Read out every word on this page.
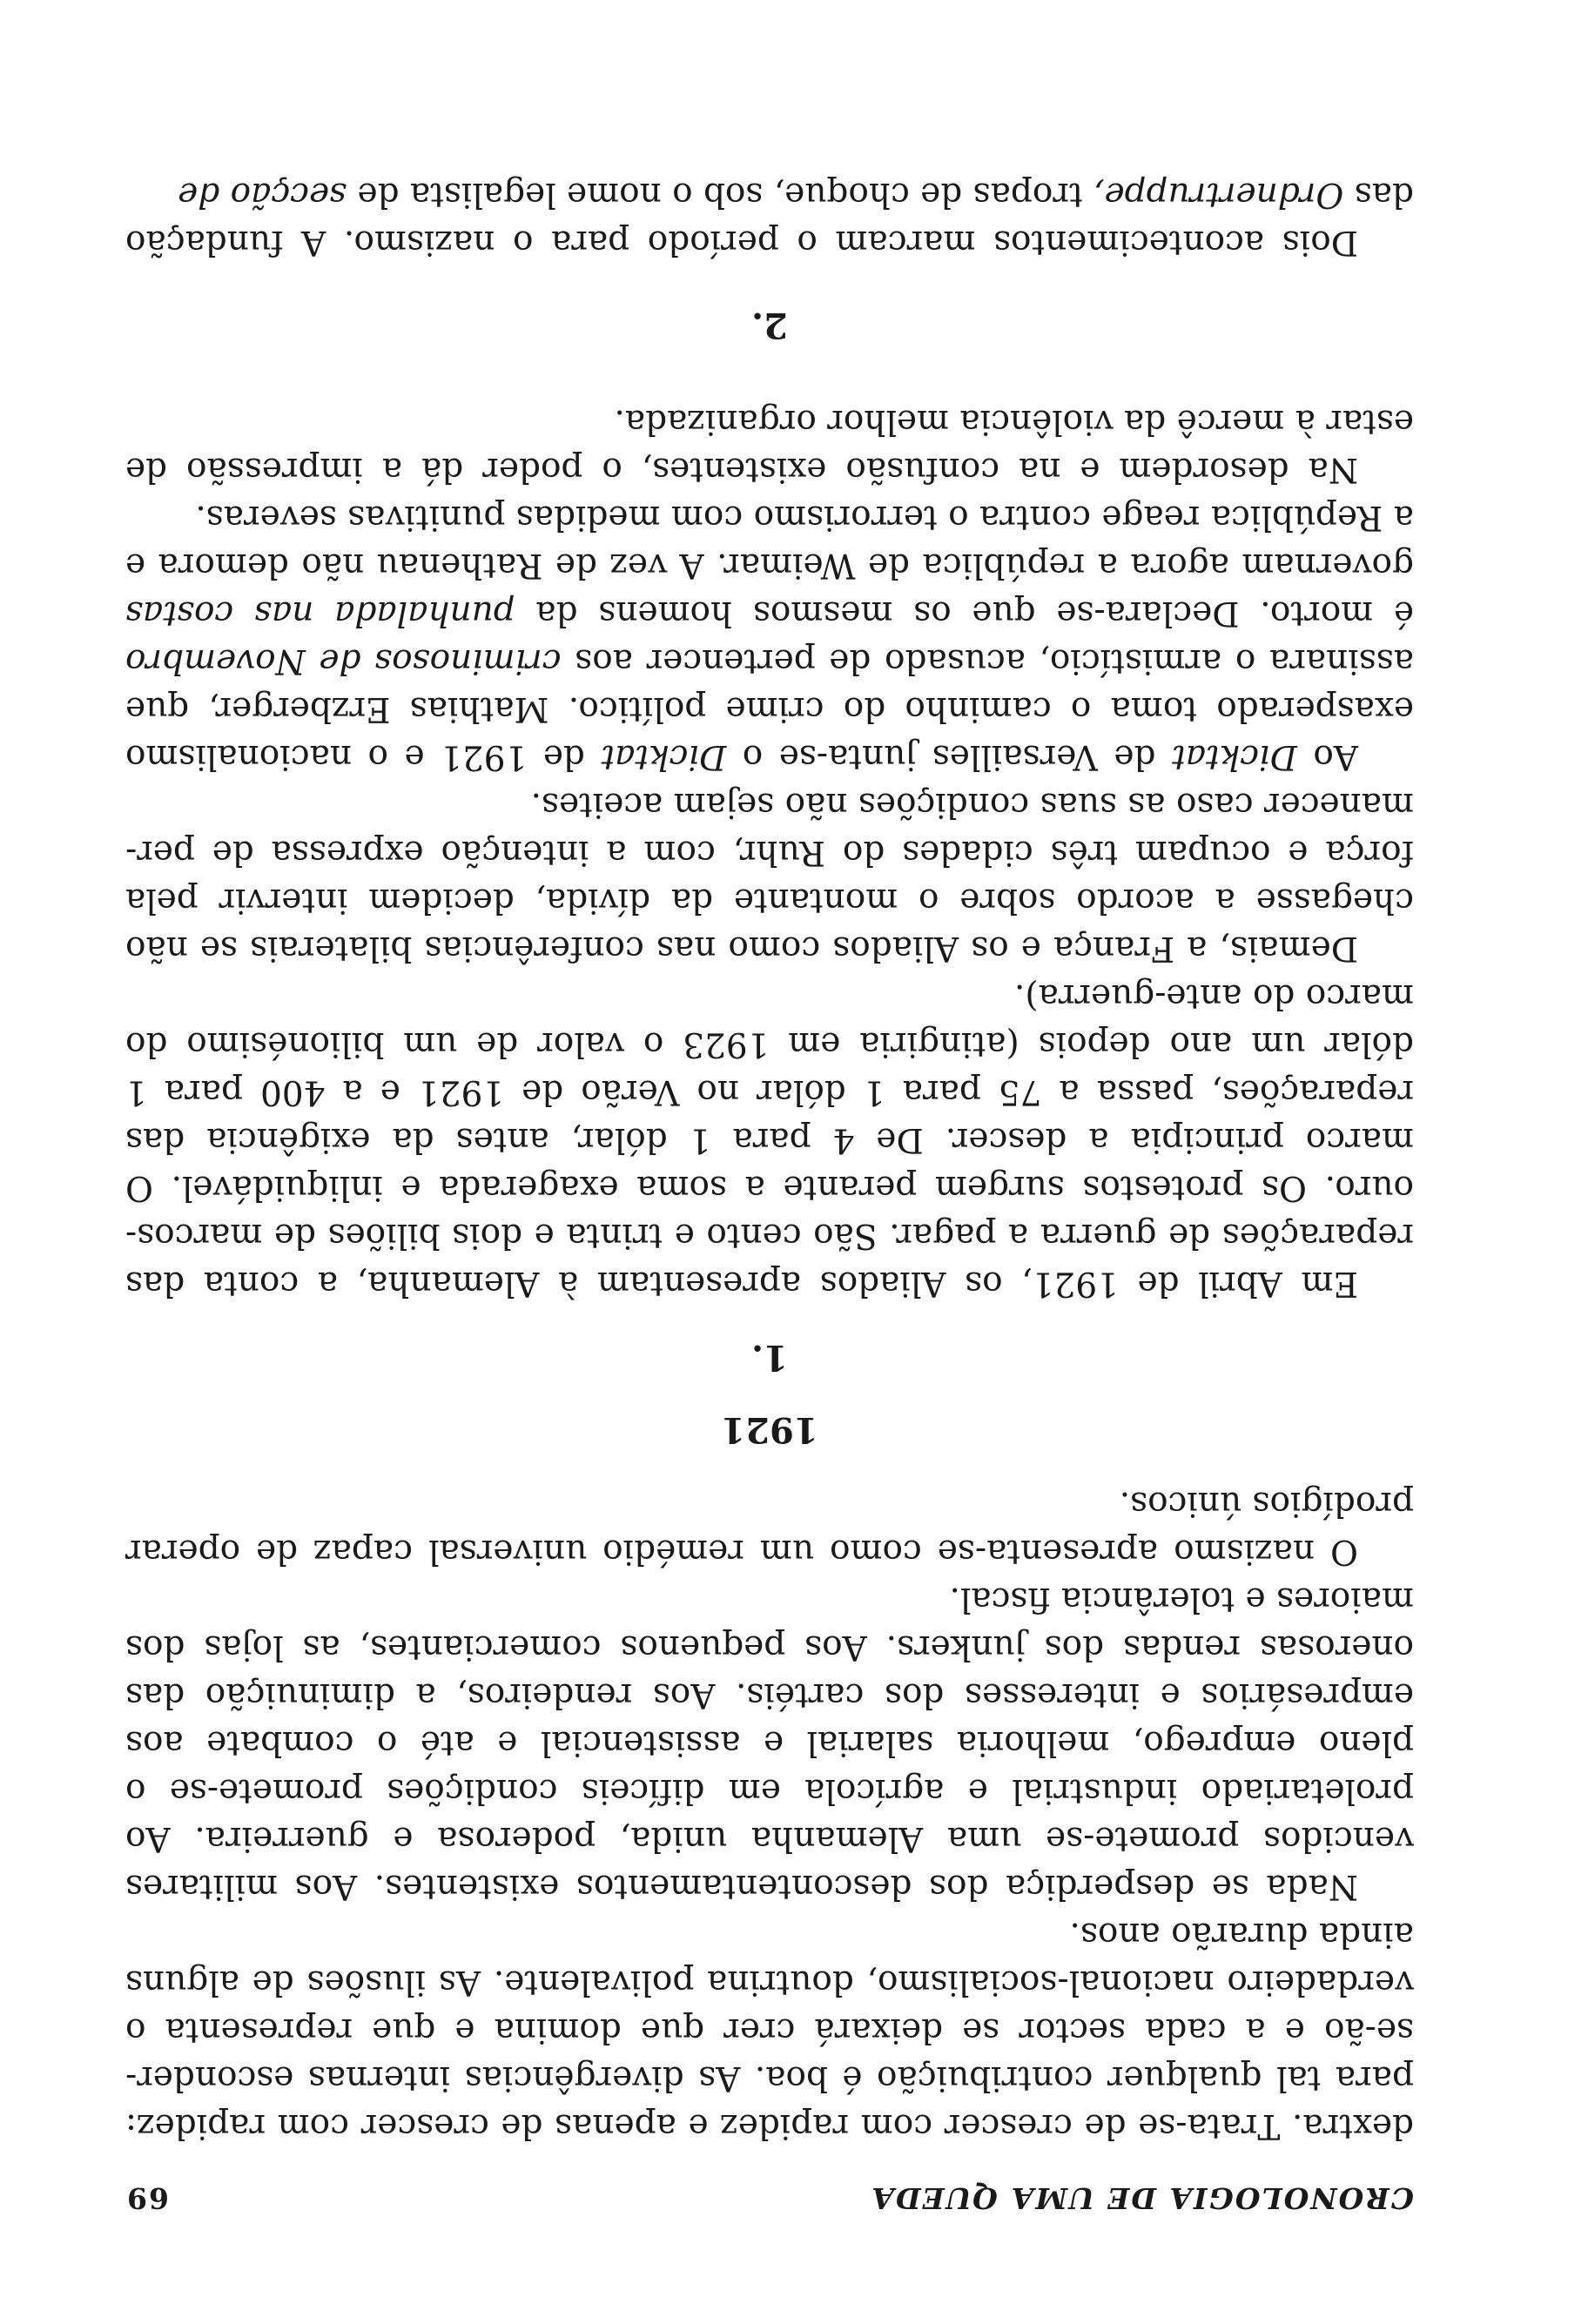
CRONOLOGIA DE UMA QUEDA
69

dextra. Trata-se de crescer com rapidez e apenas de crescer com rapidez: para tal qualquer contribuição é boa. As divergências internas esconder-se-ão e a cada sector se deixará crer que domina e que representa o verdadeiro nacional-socialismo, doutrina polivalente. As ilusões de alguns ainda durarão anos.

Nada se desperdiça dos descontentamentos existentes. Aos militares vencidos promete-se uma Alemanha unida, poderosa e guerreira. Ao proletariado industrial e agrícola em difíceis condições promete-se o pleno emprego, melhoria salarial e assistencial e até o combate aos empresários e interesses dos cartéis. Aos rendeiros, a diminuição das onerosas rendas dos junkers. Aos pequenos comerciantes, as lojas dos maiores e tolerância fiscal.

O nazismo apresenta-se como um remédio universal capaz de operar prodígios únicos.

1921
1.

Em Abril de 1921, os Aliados apresentam à Alemanha, a conta das reparações de guerra a pagar. São cento e trinta e dois biliões de marcos-ouro. Os protestos surgem perante a soma exagerada e inliquidável. O marco principia a descer. De 4 para 1 dólar, antes da exigência das reparações, passa a 75 para 1 dólar no Verão de 1921 e a 400 para 1 dólar um ano depois (atingiria em 1923 o valor de um bilionésimo do marco do ante-guerra).

Demais, a França e os Aliados como nas conferências bilaterais se não chegasse a acordo sobre o montante da dívida, decidem intervir pela força e ocupam três cidades do Ruhr, com a intenção expressa de permanecer caso as suas condições não sejam aceites.

Ao Dicktat de Versailles junta-se o Dicktat de 1921 e o nacionalismo exasperado toma o caminho do crime político. Mathias Erzberger, que assinara o armistício, acusado de pertencer aos criminosos de Novembro é morto. Declara-se que os mesmos homens da punhalada nas costas governam agora a república de Weimar. A vez de Rathenau não demora e a República reage contra o terrorismo com medidas punitivas severas.

Na desordem e na confusão existentes, o poder dá a impressão de estar à mercê da violência melhor organizada.

2.

Dois acontecimentos marcam o período para o nazismo. A fundação das Ordnertruppe, tropas de choque, sob o nome legalista de secção de
